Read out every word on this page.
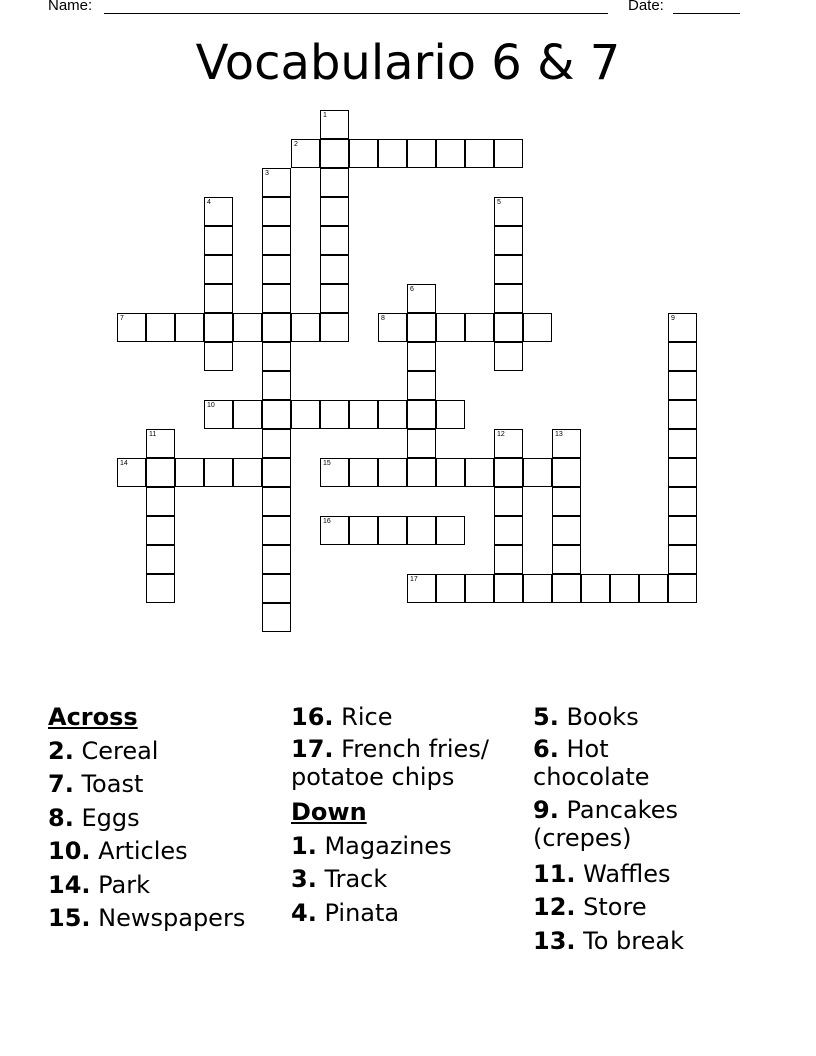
Name:	Date:
Vocabulario 6 & 7
1
2
3
4	5
6
7	8	9
10
11	12	13
14	15
16
17

Across

2. Cereal

7. Toast

8. Eggs

10. Articles

14. Park

15. Newspapers

16. Rice

17. French fries/ potatoe chips

Down

1. Magazines

3. Track

4. Pinata

5. Books

6. Hot chocolate

9. Pancakes (crepes)

11. Waffles

12. Store

13. To break
